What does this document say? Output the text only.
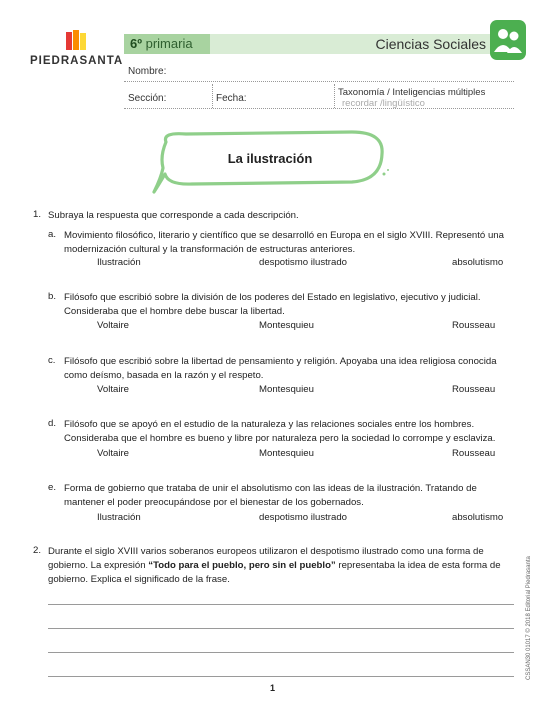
PIEDRASANTA
6º primaria	Ciencias Sociales
Nombre:
Sección:	Fecha:
Taxonomía / Inteligencias múltiples
recordar /lingüístico
La ilustración
1. Subraya la respuesta que corresponde a cada descripción.
a. Movimiento filosófico, literario y científico que se desarrolló en Europa en el siglo XVIII. Representó una modernización cultural y la transformación de estructuras anteriores.
Ilustración	despotismo ilustrado	absolutismo
b. Filósofo que escribió sobre la división de los poderes del Estado en legislativo, ejecutivo y judicial. Consideraba que el hombre debe buscar la libertad.
Voltaire	Montesquieu	Rousseau
c. Filósofo que escribió sobre la libertad de pensamiento y religión. Apoyaba una idea religiosa conocida como deísmo, basada en la razón y el respeto.
Voltaire	Montesquieu	Rousseau
d. Filósofo que se apoyó en el estudio de la naturaleza y las relaciones sociales entre los hombres. Consideraba que el hombre es bueno y libre por naturaleza pero la sociedad lo corrompe y esclaviza.
Voltaire	Montesquieu	Rousseau
e. Forma de gobierno que trataba de unir el absolutismo con las ideas de la ilustración. Tratando de mantener el poder preocupándose por el bienestar de los gobernados.
Ilustración	despotismo ilustrado	absolutismo
2. Durante el siglo XVIII varios soberanos europeos utilizaron el despotismo ilustrado como una forma de gobierno. La expresión “Todo para el pueblo, pero sin el pueblo” representaba la idea de esta forma de gobierno. Explica el significado de la frase.
1
CSSAN30 01017 © 2018 Editorial Piedrasanta
